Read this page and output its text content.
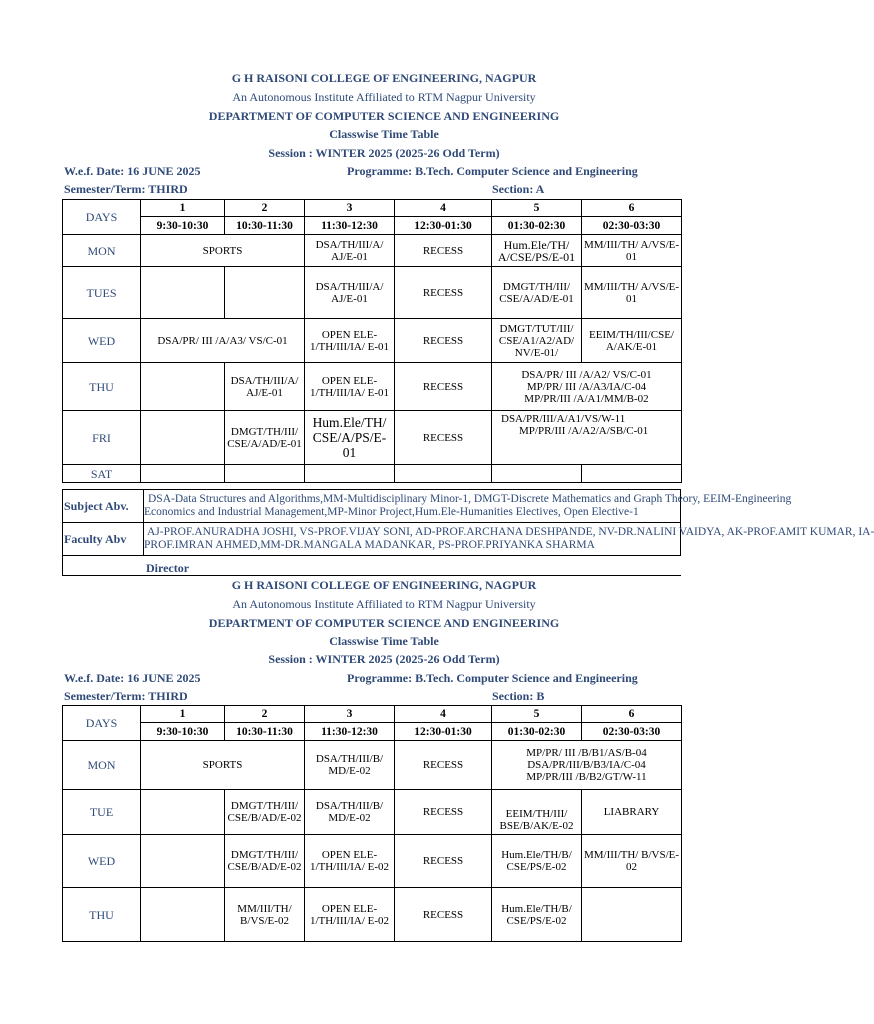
G H RAISONI COLLEGE OF ENGINEERING, NAGPUR
An Autonomous Institute Affiliated to RTM Nagpur University
DEPARTMENT OF COMPUTER SCIENCE AND ENGINEERING
Classwise Time Table
Session : WINTER 2025 (2025-26 Odd Term)
W.e.f. Date: 16 JUNE 2025	Programme: B.Tech. Computer Science and Engineering
Semester/Term: THIRD	Section: A
DAYS	1	2	3	4	5	6
	9:30-10:30	10:30-11:30	11:30-12:30	12:30-01:30	01:30-02:30	02:30-03:30
MON	SPORTS		DSA/TH/III/A/ AJ/E-01	RECESS	Hum.Ele/TH/ A/CSE/PS/E-01	MM/III/TH/ A/VS/E-01
TUES			DSA/TH/III/A/ AJ/E-01	RECESS	DMGT/TH/III/ CSE/A/AD/E-01	MM/III/TH/ A/VS/E-01
WED	DSA/PR/ III /A/A3/ VS/C-01		OPEN ELE-1/TH/III/IA/ E-01	RECESS	DMGT/TUT/III/ CSE/A1/A2/AD/ NV/E-01/	EEIM/TH/III/CSE/ A/AK/E-01
THU		DSA/TH/III/A/ AJ/E-01	OPEN ELE-1/TH/III/IA/ E-01	RECESS	DSA/PR/ III /A/A2/ VS/C-01
MP/PR/ III /A/A3/IA/C-04
MP/PR/III /A/A1/MM/B-02	

FRI		DMGT/TH/III/ CSE/A/AD/E-01	Hum.Ele/TH/ CSE/A/PS/E- 01	RECESS	DSA/PR/III/A/A1/VS/W-11
MP/PR/III /A/A2/A/SB/C-01	

SAT						
Subject Abv.	DSA-Data Structures and Algorithms,MM-Multidisciplinary Minor-1, DMGT-Discrete Mathematics and Graph Theory, EEIM-Engineering
Economics and Industrial Management,MP-Minor Project,Hum.Ele-Humanities Electives, Open Elective-1

Faculty Abv	AJ-PROF.ANURADHA JOSHI, VS-PROF.VIJAY SONI, AD-PROF.ARCHANA DESHPANDE, NV-DR.NALINI VAIDYA, AK-PROF.AMIT KUMAR, IA-
PROF.IMRAN AHMED,MM-DR.MANGALA MADANKAR, PS-PROF.PRIYANKA SHARMA
Director
G H RAISONI COLLEGE OF ENGINEERING, NAGPUR
An Autonomous Institute Affiliated to RTM Nagpur University
DEPARTMENT OF COMPUTER SCIENCE AND ENGINEERING
Classwise Time Table
Session : WINTER 2025 (2025-26 Odd Term)
W.e.f. Date: 16 JUNE 2025	Programme: B.Tech. Computer Science and Engineering
Semester/Term: THIRD	Section: B
DAYS	1	2	3	4	5	6
	9:30-10:30	10:30-11:30	11:30-12:30	12:30-01:30	01:30-02:30	02:30-03:30
MON	SPORTS		DSA/TH/III/B/ MD/E-02	RECESS	MP/PR/ III /B/B1/AS/B-04
DSA/PR/III/B/B3/IA/C-04
MP/PR/III /B/B2/GT/W-11	

TUE		DMGT/TH/III/ CSE/B/AD/E-02	DSA/TH/III/B/ MD/E-02	RECESS	EEIM/TH/III/ BSE/B/AK/E-02	LIABRARY
WED		DMGT/TH/III/ CSE/B/AD/E-02	OPEN ELE-1/TH/III/IA/ E-02	RECESS	Hum.Ele/TH/B/ CSE/PS/E-02	MM/III/TH/ B/VS/E-02
THU		MM/III/TH/ B/VS/E-02	OPEN ELE-1/TH/III/IA/ E-02	RECESS	Hum.Ele/TH/B/ CSE/PS/E-02	
